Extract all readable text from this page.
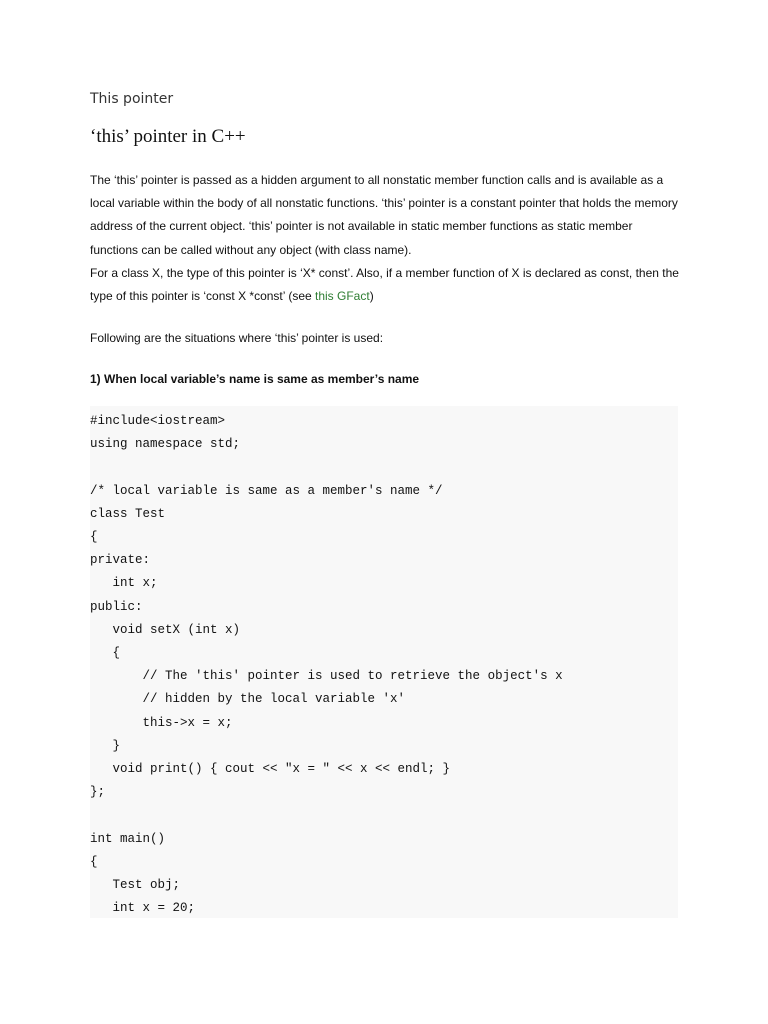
This pointer
‘this’ pointer in C++

The ‘this’ pointer is passed as a hidden argument to all nonstatic member function calls and is available as a local variable within the body of all nonstatic functions. ‘this’ pointer is a constant pointer that holds the memory address of the current object. ‘this’ pointer is not available in static member functions as static member functions can be called without any object (with class name).

For a class X, the type of this pointer is ‘X* const’. Also, if a member function of X is declared as const, then the type of this pointer is ‘const X *const’ (see this GFact)

Following are the situations where ‘this’ pointer is used:

1) When local variable’s name is same as member’s name
#include<iostream>
using namespace std;
/* local variable is same as a member's name */
class Test
{
private:
int x;
public:
void setX (int x)
{
// The 'this' pointer is used to retrieve the object's x
// hidden by the local variable 'x'
this->x = x;
}
void print() { cout << "x = " << x << endl; }
};
int main()
{
Test obj;
int x = 20;
